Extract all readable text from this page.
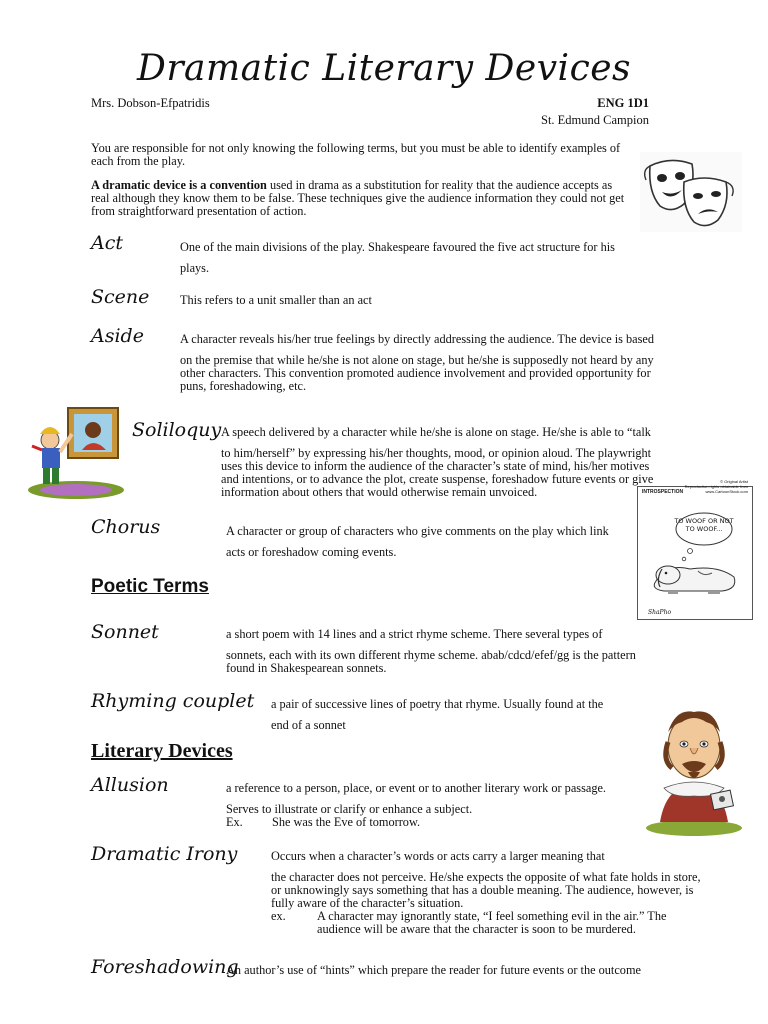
Dramatic Literary Devices
Mrs. Dobson-Efpatridis	ENG 1D1
St. Edmund Campion
You are responsible for not only knowing the following terms, but you must be able to identify examples of each from the play.
A dramatic device is a convention used in drama as a substitution for reality that the audience accepts as real although they know them to be false. These techniques give the audience information they could not get from straightforward presentation of action.
Act	One of the main divisions of the play. Shakespeare favoured the five act structure for his
plays.
Scene This refers to a unit smaller than an act
Aside	A character reveals his/her true feelings by directly addressing the audience. The device is based
on the premise that while he/she is not alone on stage, but he/she is supposedly not heard by any other characters. This convention promoted audience involvement and provided opportunity for puns, foreshadowing, etc.
Soliloquy A speech delivered by a character while he/she is alone on stage. He/she is able to “talk
to him/herself” by expressing his/her thoughts, mood, or opinion aloud. The playwright uses this device to inform the audience of the character’s state of mind, his/her motives and intentions, or to advance the plot, create suspense, foreshadow future events or give information about others that would otherwise remain unvoiced.
Chorus	A character or group of characters who give comments on the play which link
acts or foreshadow coming events.
INTROSPECTION
© Original Artist
Reproduction rights obtainable from
www.CartoonStock.com
TO WOOF OR NOT TO WOOF...
ShaPho
Poetic Terms
Sonnet	a short poem with 14 lines and a strict rhyme scheme. There several types of
sonnets, each with its own different rhyme scheme. abab/cdcd/efef/gg is the pattern found in Shakespearean sonnets.
Rhyming couplet a pair of successive lines of poetry that rhyme. Usually found at the
end of a sonnet
Literary Devices
Allusion	a reference to a person, place, or event or to another literary work or passage.
Serves to illustrate or clarify or enhance a subject.
Ex. She was the Eve of tomorrow.
Dramatic Irony	Occurs when a character’s words or acts carry a larger meaning that
the character does not perceive. He/she expects the opposite of what fate holds in store, or unknowingly says something that has a double meaning. The audience, however, is fully aware of the character’s situation.
ex.	A character may ignorantly state, “I feel something evil in the air.” The audience will be aware that the character is soon to be murdered.
Foreshadowing
An author’s use of “hints” which prepare the reader for future events or the outcome
